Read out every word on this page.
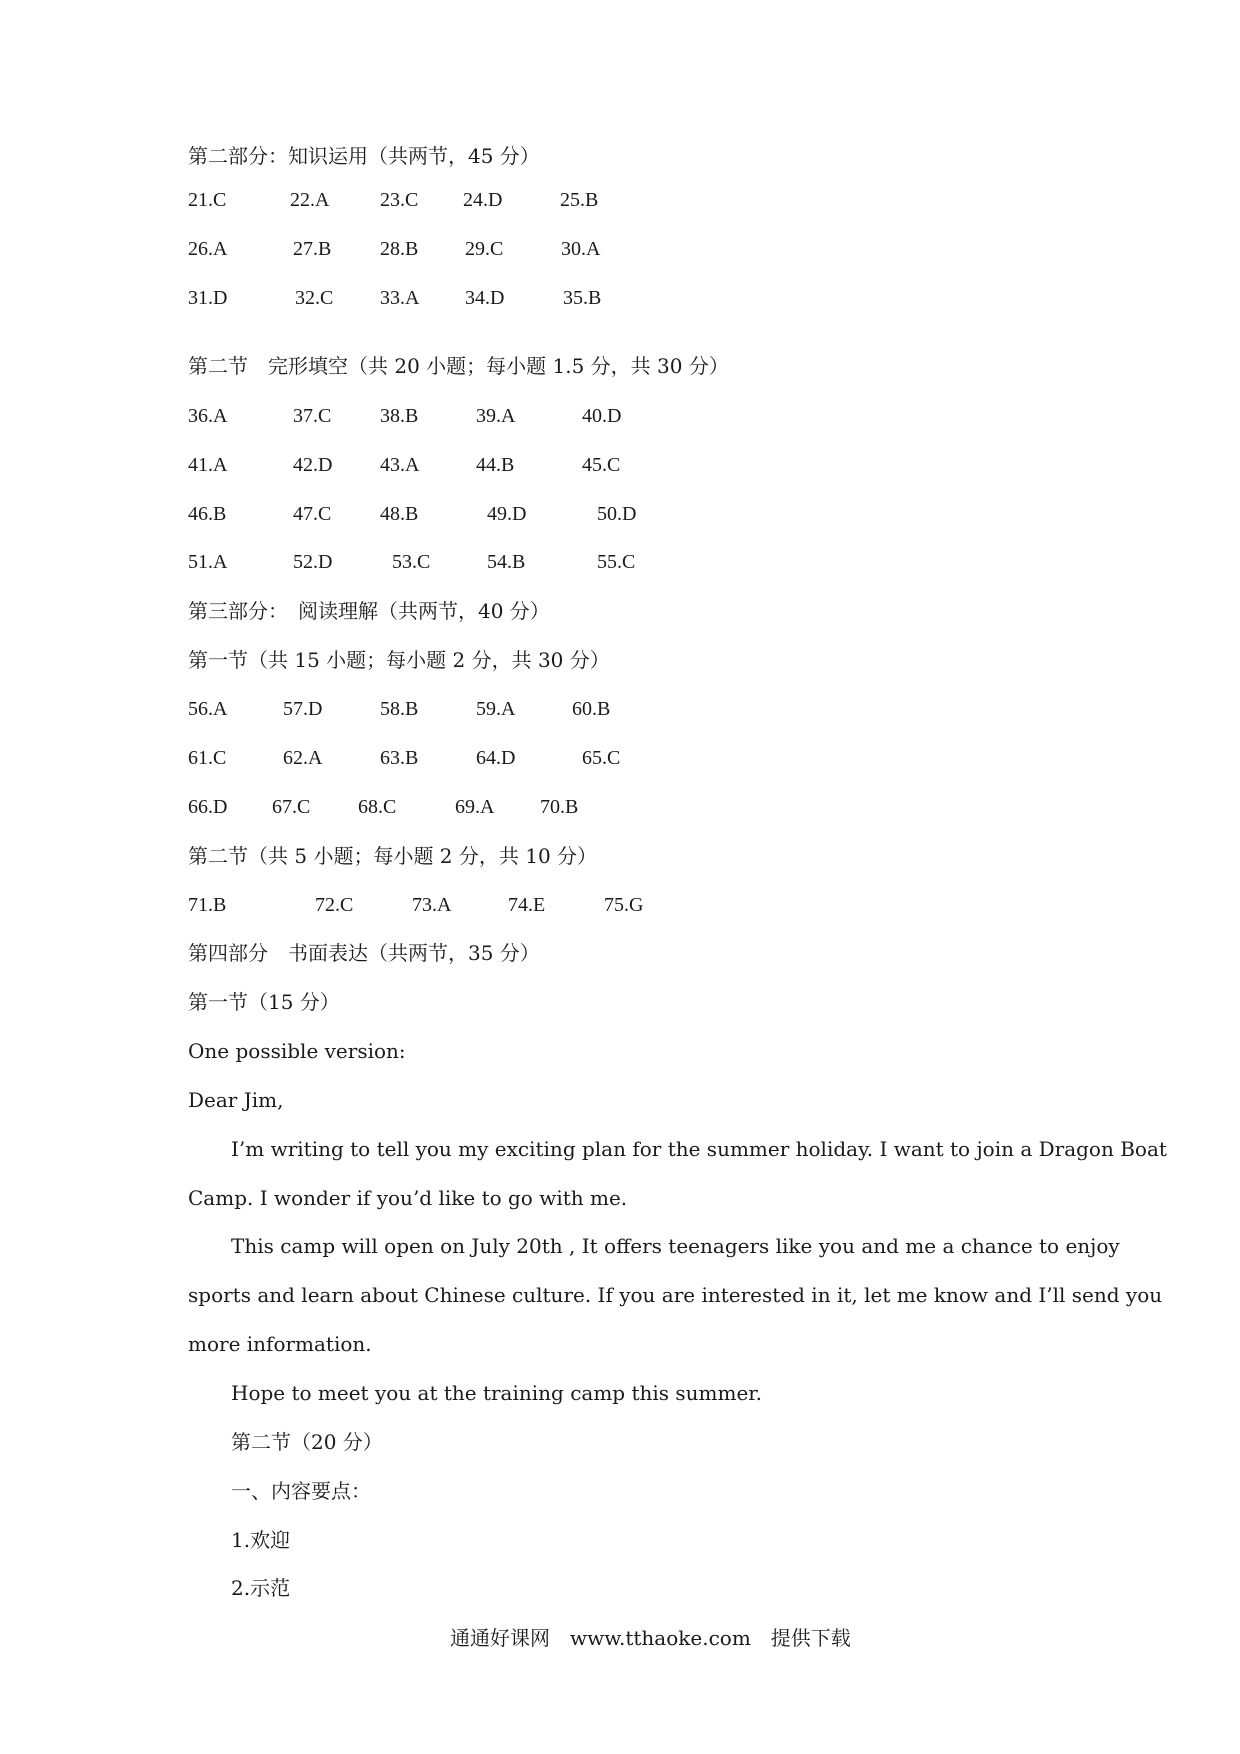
第二部分：知识运用（共两节，45 分）
21.C	22.A	23.C 24.D	25.B
26.A	27.B 28.B 29.C	30.A
31.D	32.C 33.A 34.D	35.B
第二节　完形填空（共 20 小题；每小题 1.5 分，共 30 分）
36.A	37.C 38.B	39.A	40.D
41.A	42.D 43.A	44.B	45.C
46.B	47.C 48.B	49.D	50.D
51.A	52.D	53.C	54.B	55.C
第三部分：　阅读理解（共两节，40 分）
第一节（共 15 小题；每小题 2 分，共 30 分）
56.A	57.D	58.B	59.A	60.B
61.C	62.A	63.B	64.D	65.C
66.D 67.C 68.C	69.A 70.B
第二节（共 5 小题；每小题 2 分，共 10 分）
71.B	72.C	73.A	74.E	75.G
第四部分　书面表达（共两节，35 分）
第一节（15 分）
One possible version:
Dear Jim,
I’m writing to tell you my exciting plan for the summer holiday. I want to join a Dragon Boat
Camp. I wonder if you’d like to go with me.
This camp will open on July 20th , It offers teenagers like you and me a chance to enjoy
sports and learn about Chinese culture. If you are interested in it, let me know and I’ll send you
more information.
Hope to meet you at the training camp this summer.
第二节（20 分）
一、内容要点：
1.欢迎
2.示范
通通好课网　www.tthaoke.com　提供下载
